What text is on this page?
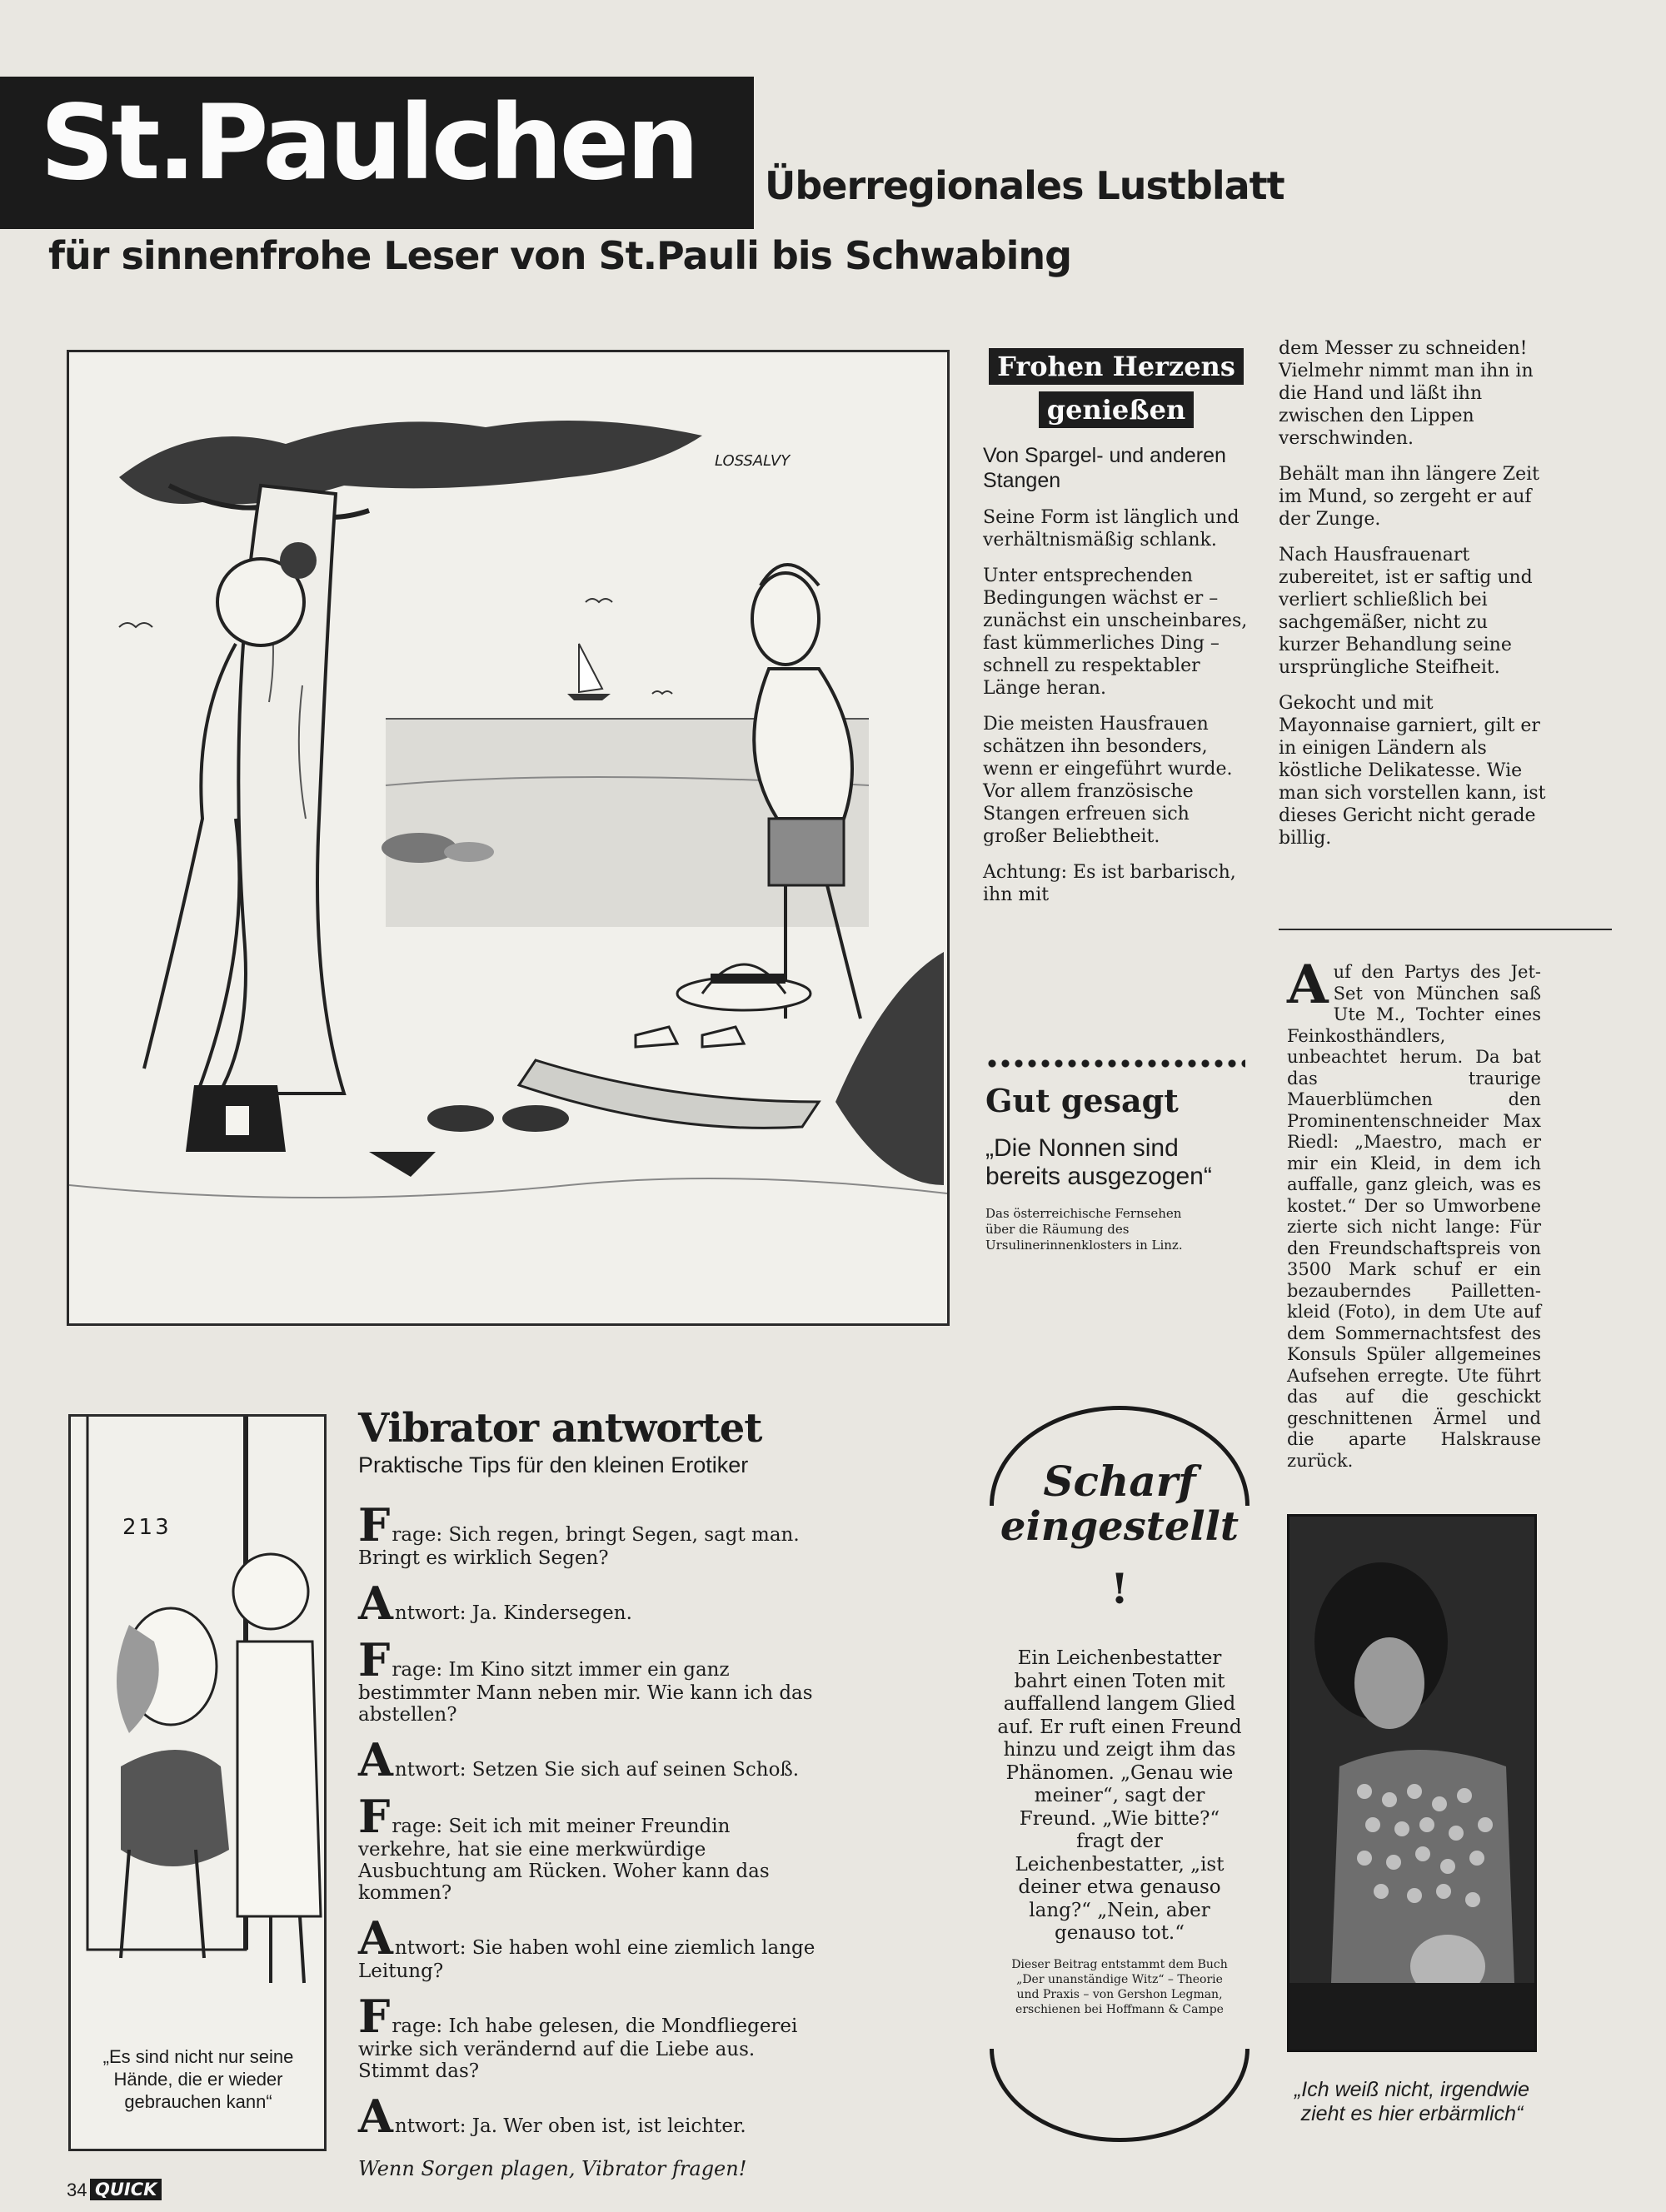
St.Paulchen Überregionales Lustblatt
für sinnenfrohe Leser von St.Pauli bis Schwabing
LOSSALVY
Frohen Herzens
genießen

Von Spargel- und anderen Stangen

Seine Form ist länglich und verhältnismäßig schlank.

Unter entsprechenden Bedingungen wächst er – zunächst ein unscheinbares, fast kümmerliches Ding – schnell zu respektabler Länge heran.

Die meisten Hausfrauen schätzen ihn besonders, wenn er eingeführt wurde. Vor allem französische Stangen erfreuen sich großer Beliebtheit.

Achtung: Es ist barbarisch, ihn mit

dem Messer zu schneiden! Vielmehr nimmt man ihn in die Hand und läßt ihn zwischen den Lippen verschwinden.

Behält man ihn längere Zeit im Mund, so zergeht er auf der Zunge.

Nach Hausfrauenart zubereitet, ist er saftig und verliert schließlich bei sachgemäßer, nicht zu kurzer Behandlung seine ursprüngliche Steifheit.

Gekocht und mit Mayonnaise garniert, gilt er in einigen Ländern als köstliche Delikatesse. Wie man sich vorstellen kann, ist dieses Gericht nicht gerade billig.

Gut gesagt
„Die Nonnen sind bereits ausgezogen“
Das österreichische Fernsehen über die Räumung des Ursulinerinnenklosters in Linz.
Auf den Partys des Jet-Set von München saß Ute M., Tochter eines Feinkosthändlers, unbeachtet herum. Da bat das traurige Mauerblümchen den Prominentenschneider Max Riedl: „Maestro, mach er mir ein Kleid, in dem ich auffalle, ganz gleich, was es kostet.“ Der so Umworbene zierte sich nicht lange: Für den Freundschaftspreis von 3500 Mark schuf er ein bezauberndes Pailletten-kleid (Foto), in dem Ute auf dem Sommernachtsfest des Konsuls Spüler allgemeines Aufsehen erregte. Ute führt das auf die geschickt geschnittenen Ärmel und die aparte Halskrause zurück.
„Ich weiß nicht, irgendwie zieht es hier erbärmlich“
213
„Es sind nicht nur seine Hände, die er wieder gebrauchen kann“
Vibrator antwortet
Praktische Tips für den kleinen Erotiker

Frage: Sich regen, bringt Segen, sagt man. Bringt es wirklich Segen?

Antwort: Ja. Kindersegen.

Frage: Im Kino sitzt immer ein ganz bestimmter Mann neben mir. Wie kann ich das abstellen?

Antwort: Setzen Sie sich auf seinen Schoß.

Frage: Seit ich mit meiner Freundin verkehre, hat sie eine merkwürdige Ausbuchtung am Rücken. Woher kann das kommen?

Antwort: Sie haben wohl eine ziemlich lange Leitung?

Frage: Ich habe gelesen, die Mondfliegerei wirke sich verändernd auf die Liebe aus. Stimmt das?

Antwort: Ja. Wer oben ist, ist leichter.

Wenn Sorgen plagen, Vibrator fragen!
Scharf
eingestellt
!
Ein Leichenbestatter bahrt einen Toten mit auffallend langem Glied auf. Er ruft einen Freund hinzu und zeigt ihm das Phänomen. „Genau wie meiner“, sagt der Freund. „Wie bitte?“ fragt der Leichenbestatter, „ist deiner etwa genauso lang?“ „Nein, aber genauso tot.“
Dieser Beitrag entstammt dem Buch „Der unanständige Witz“ – Theorie und Praxis – von Gershon Legman, erschienen bei Hoffmann & Campe
34 QUICK
